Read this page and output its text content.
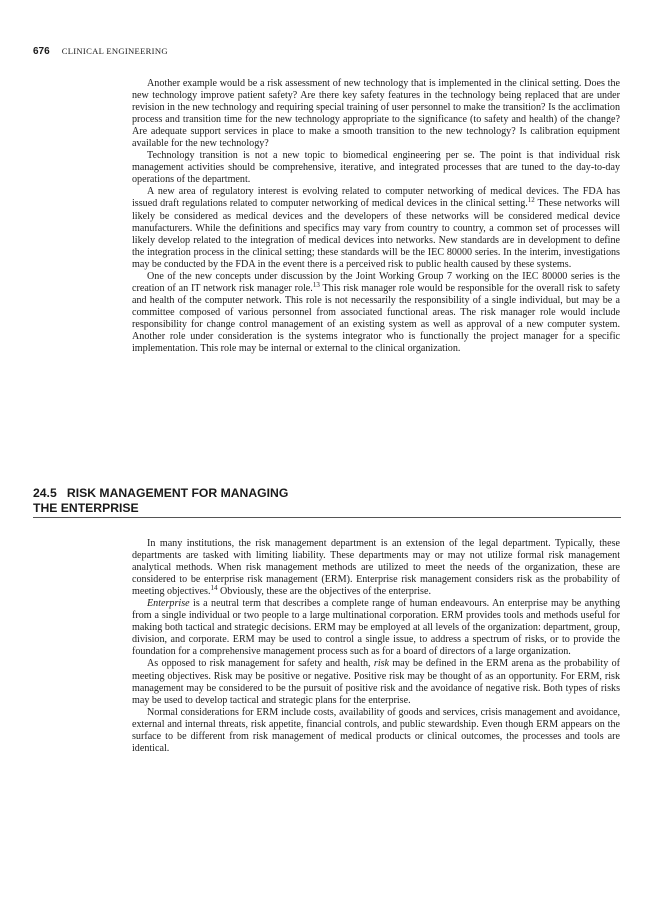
676 CLINICAL ENGINEERING

Another example would be a risk assessment of new technology that is implemented in the clinical setting. Does the new technology improve patient safety? Are there key safety features in the technology being replaced that are under revision in the new technology and requiring special training of user personnel to make the transition? Is the acclimation process and transition time for the new technology appropriate to the significance (to safety and health) of the change? Are adequate support services in place to make a smooth transition to the new technology? Is calibration equipment available for the new technology?

Technology transition is not a new topic to biomedical engineering per se. The point is that individual risk management activities should be comprehensive, iterative, and integrated processes that are tuned to the day-to-day operations of the department.

A new area of regulatory interest is evolving related to computer networking of medical devices. The FDA has issued draft regulations related to computer networking of medical devices in the clinical setting.$^{12}$ These networks will likely be considered as medical devices and the developers of these networks will be considered medical device manufacturers. While the definitions and specifics may vary from country to country, a common set of processes will likely develop related to the integration of medical devices into networks. New standards are in development to define the integration process in the clinical setting; these standards will be the IEC 80000 series. In the interim, investigations may be conducted by the FDA in the event there is a perceived risk to public health caused by these systems.

One of the new concepts under discussion by the Joint Working Group 7 working on the IEC 80000 series is the creation of an IT network risk manager role.$^{13}$ This risk manager role would be responsible for the overall risk to safety and health of the computer network. This role is not necessarily the responsibility of a single individual, but may be a committee composed of various personnel from associated functional areas. The risk manager role would include responsibility for change control management of an existing system as well as approval of a new computer system. Another role under consideration is the systems integrator who is functionally the project manager for a specific implementation. This role may be internal or external to the clinical organization.

24.5 RISK MANAGEMENT FOR MANAGING
THE ENTERPRISE

In many institutions, the risk management department is an extension of the legal department. Typically, these departments are tasked with limiting liability. These departments may or may not utilize formal risk management analytical methods. When risk management methods are utilized to meet the needs of the organization, these are considered to be enterprise risk management (ERM). Enterprise risk management considers risk as the probability of meeting objectives.$^{14}$ Obviously, these are the objectives of the enterprise.

Enterprise is a neutral term that describes a complete range of human endeavours. An enterprise may be anything from a single individual or two people to a large multinational corporation. ERM provides tools and methods useful for making both tactical and strategic decisions. ERM may be employed at all levels of the organization: department, group, division, and corporate. ERM may be used to control a single issue, to address a spectrum of risks, or to provide the foundation for a comprehensive management process such as for a board of directors of a large organization.

As opposed to risk management for safety and health, risk may be defined in the ERM arena as the probability of meeting objectives. Risk may be positive or negative. Positive risk may be thought of as an opportunity. For ERM, risk management may be considered to be the pursuit of positive risk and the avoidance of negative risk. Both types of risks may be used to develop tactical and strategic plans for the enterprise.

Normal considerations for ERM include costs, availability of goods and services, crisis management and avoidance, external and internal threats, risk appetite, financial controls, and public stewardship. Even though ERM appears on the surface to be different from risk management of medical products or clinical outcomes, the processes and tools are identical.
